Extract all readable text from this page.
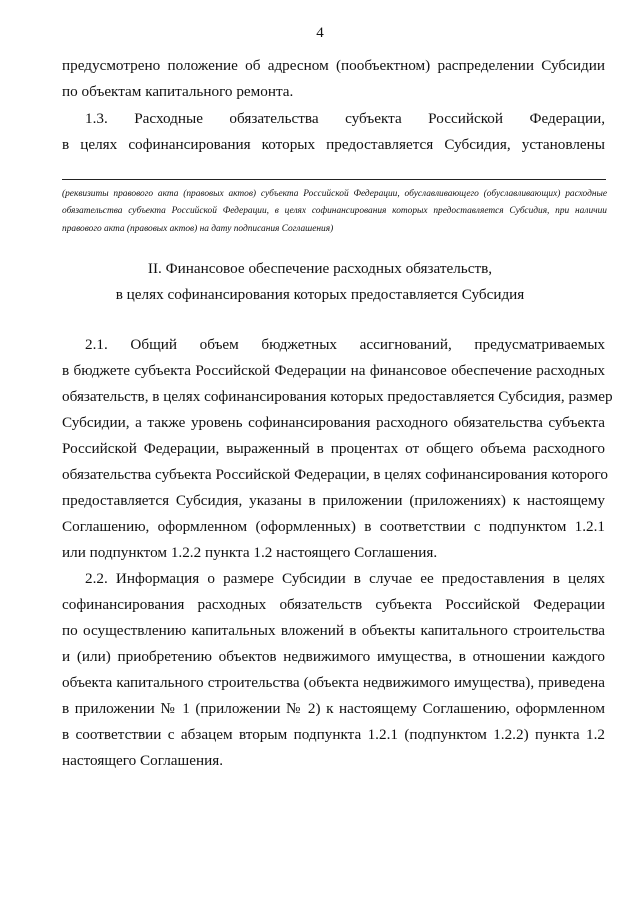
4

предусмотрено положение об адресном (пообъектном) распределении Субсидии
по объектам капитального ремонта.

1.3. Расходные обязательства субъекта Российской Федерации,
в целях софинансирования которых предоставляется Субсидия, установлены

(реквизиты правового акта (правовых актов) субъекта Российской Федерации, обуславливающего (обуславливающих) расходные
обязательства субъекта Российской Федерации, в целях софинансирования которых предоставляется Субсидия, при наличии
правового акта (правовых актов) на дату подписания Соглашения)

II. Финансовое обеспечение расходных обязательств,
в целях софинансирования которых предоставляется Субсидия

2.1. Общий объем бюджетных ассигнований, предусматриваемых
в бюджете субъекта Российской Федерации на финансовое обеспечение расходных
обязательств, в целях софинансирования которых предоставляется Субсидия, размер
Субсидии, а также уровень софинансирования расходного обязательства субъекта
Российской Федерации, выраженный в процентах от общего объема расходного
обязательства субъекта Российской Федерации, в целях софинансирования которого
предоставляется Субсидия, указаны в приложении (приложениях) к настоящему
Соглашению, оформленном (оформленных) в соответствии с подпунктом 1.2.1
или подпунктом 1.2.2 пункта 1.2 настоящего Соглашения.

2.2. Информация о размере Субсидии в случае ее предоставления в целях
софинансирования расходных обязательств субъекта Российской Федерации
по осуществлению капитальных вложений в объекты капитального строительства
и (или) приобретению объектов недвижимого имущества, в отношении каждого
объекта капитального строительства (объекта недвижимого имущества), приведена
в приложении № 1 (приложении № 2) к настоящему Соглашению, оформленном
в соответствии с абзацем вторым подпункта 1.2.1 (подпунктом 1.2.2) пункта 1.2
настоящего Соглашения.
